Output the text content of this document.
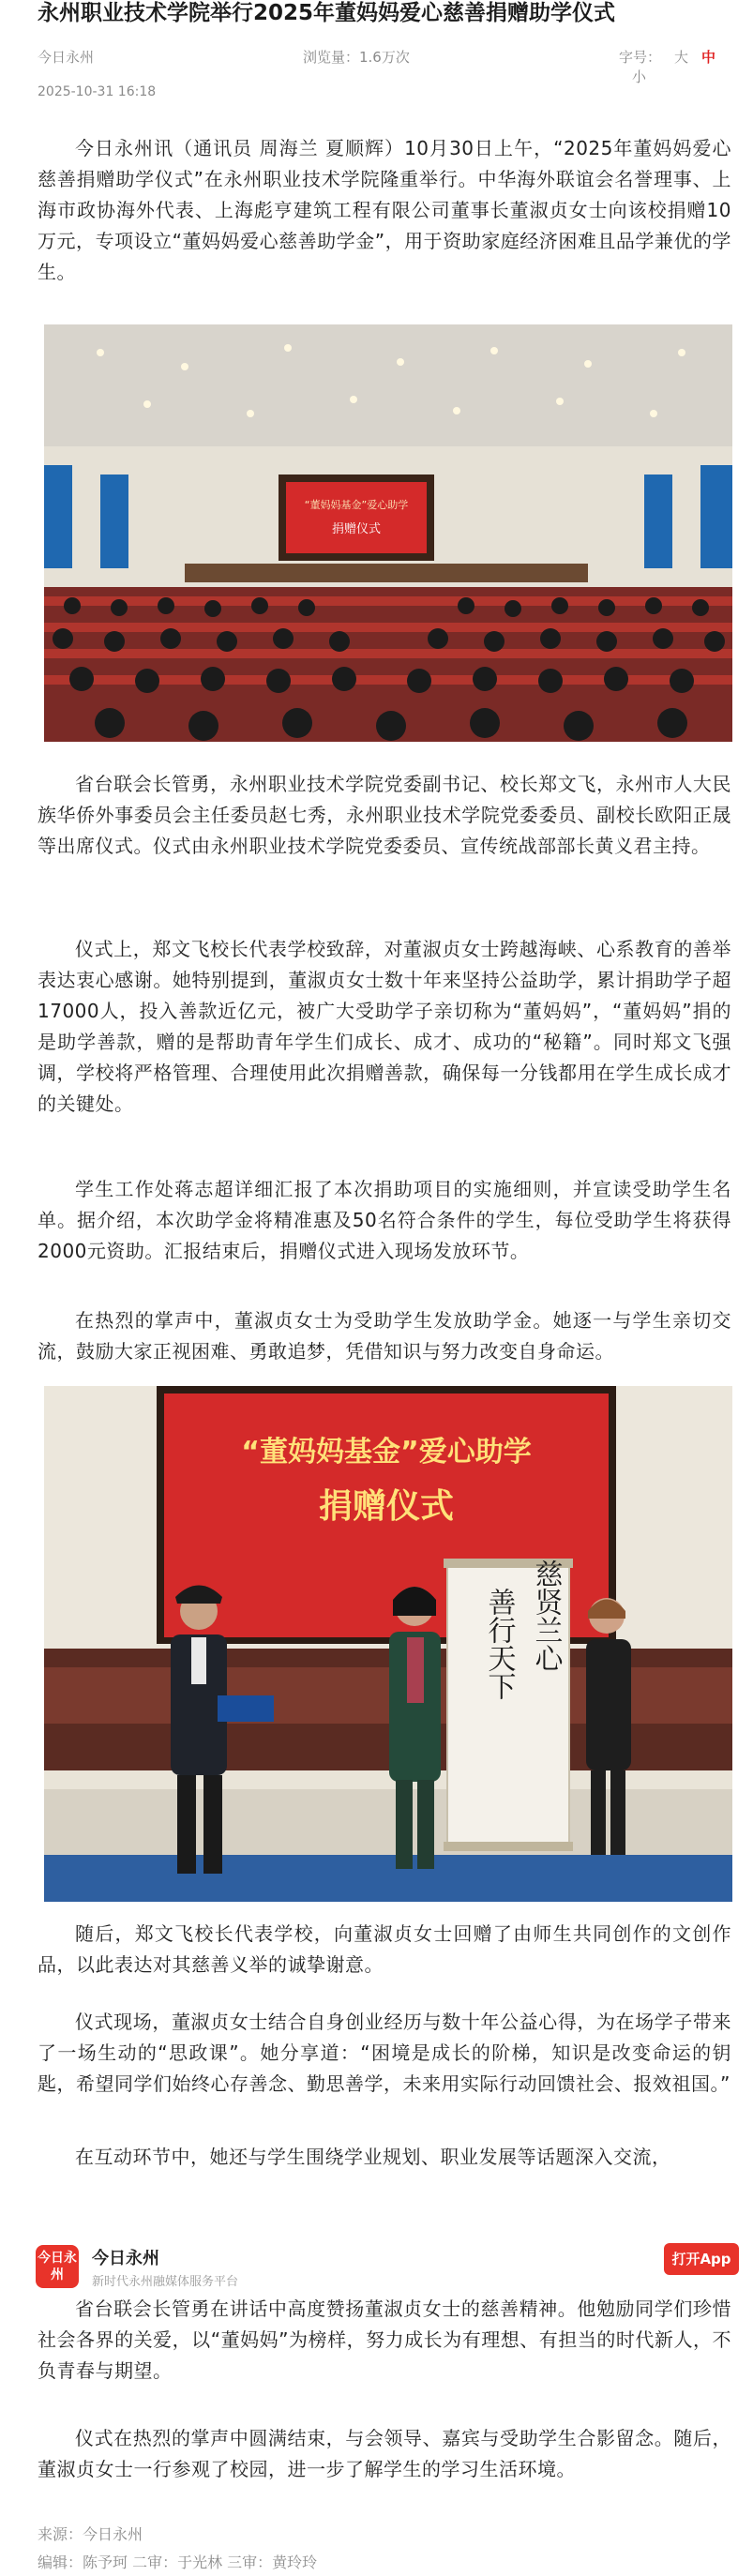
永州职业技术学院举行2025年董妈妈爱心慈善捐赠助学仪式
今日永州	浏览量：1.6万次	字号： 大 中小
2025-10-31 16:18

今日永州讯（通讯员 周海兰 夏顺辉）10月30日上午，“2025年董妈妈爱心慈善捐赠助学仪式”在永州职业技术学院隆重举行。中华海外联谊会名誉理事、上海市政协海外代表、上海彪亨建筑工程有限公司董事长董淑贞女士向该校捐赠10万元，专项设立“董妈妈爱心慈善助学金”，用于资助家庭经济困难且品学兼优的学生。

“董妈妈基金”爱心助学
捐赠仪式

省台联会长管勇，永州职业技术学院党委副书记、校长郑文飞，永州市人大民族华侨外事委员会主任委员赵七秀，永州职业技术学院党委委员、副校长欧阳正晟等出席仪式。仪式由永州职业技术学院党委委员、宣传统战部部长黄义君主持。

仪式上，郑文飞校长代表学校致辞，对董淑贞女士跨越海峡、心系教育的善举表达衷心感谢。她特别提到，董淑贞女士数十年来坚持公益助学，累计捐助学子超17000人，投入善款近亿元，被广大受助学子亲切称为“董妈妈”，“董妈妈”捐的是助学善款，赠的是帮助青年学生们成长、成才、成功的“秘籍”。同时郑文飞强调，学校将严格管理、合理使用此次捐赠善款，确保每一分钱都用在学生成长成才的关键处。

学生工作处蒋志超详细汇报了本次捐助项目的实施细则，并宣读受助学生名单。据介绍，本次助学金将精准惠及50名符合条件的学生，每位受助学生将获得2000元资助。汇报结束后，捐赠仪式进入现场发放环节。

在热烈的掌声中，董淑贞女士为受助学生发放助学金。她逐一与学生亲切交流，鼓励大家正视困难、勇敢追梦，凭借知识与努力改变自身命运。

“董妈妈基金”爱心助学
捐赠仪式
慈贤兰心
善行天下

随后，郑文飞校长代表学校，向董淑贞女士回赠了由师生共同创作的文创作品，以此表达对其慈善义举的诚挚谢意。

仪式现场，董淑贞女士结合自身创业经历与数十年公益心得，为在场学子带来了一场生动的“思政课”。她分享道：“困境是成长的阶梯，知识是改变命运的钥匙，希望同学们始终心存善念、勤思善学，未来用实际行动回馈社会、报效祖国。”

在互动环节中，她还与学生围绕学业规划、职业发展等话题深入交流，

今日永州
今日永州
新时代永州融媒体服务平台
打开App

省台联会长管勇在讲话中高度赞扬董淑贞女士的慈善精神。他勉励同学们珍惜社会各界的关爱，以“董妈妈”为榜样，努力成长为有理想、有担当的时代新人，不负青春与期望。

仪式在热烈的掌声中圆满结束，与会领导、嘉宾与受助学生合影留念。随后，董淑贞女士一行参观了校园，进一步了解学生的学习生活环境。

来源：今日永州
编辑：陈予珂 二审：于光林 三审：黄玲玲
